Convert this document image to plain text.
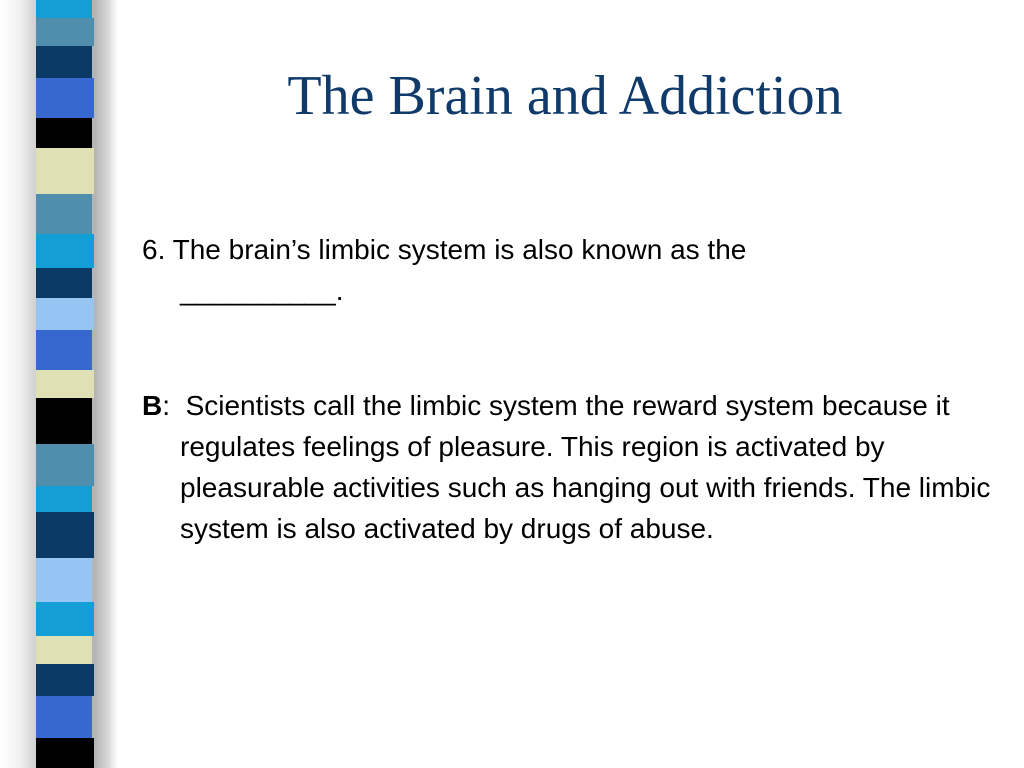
The Brain and Addiction
6. The brain’s limbic system is also known as the
__________.
B:  Scientists call the limbic system the reward system because it regulates feelings of pleasure. This region is activated by pleasurable activities such as hanging out with friends. The limbic system is also activated by drugs of abuse.
